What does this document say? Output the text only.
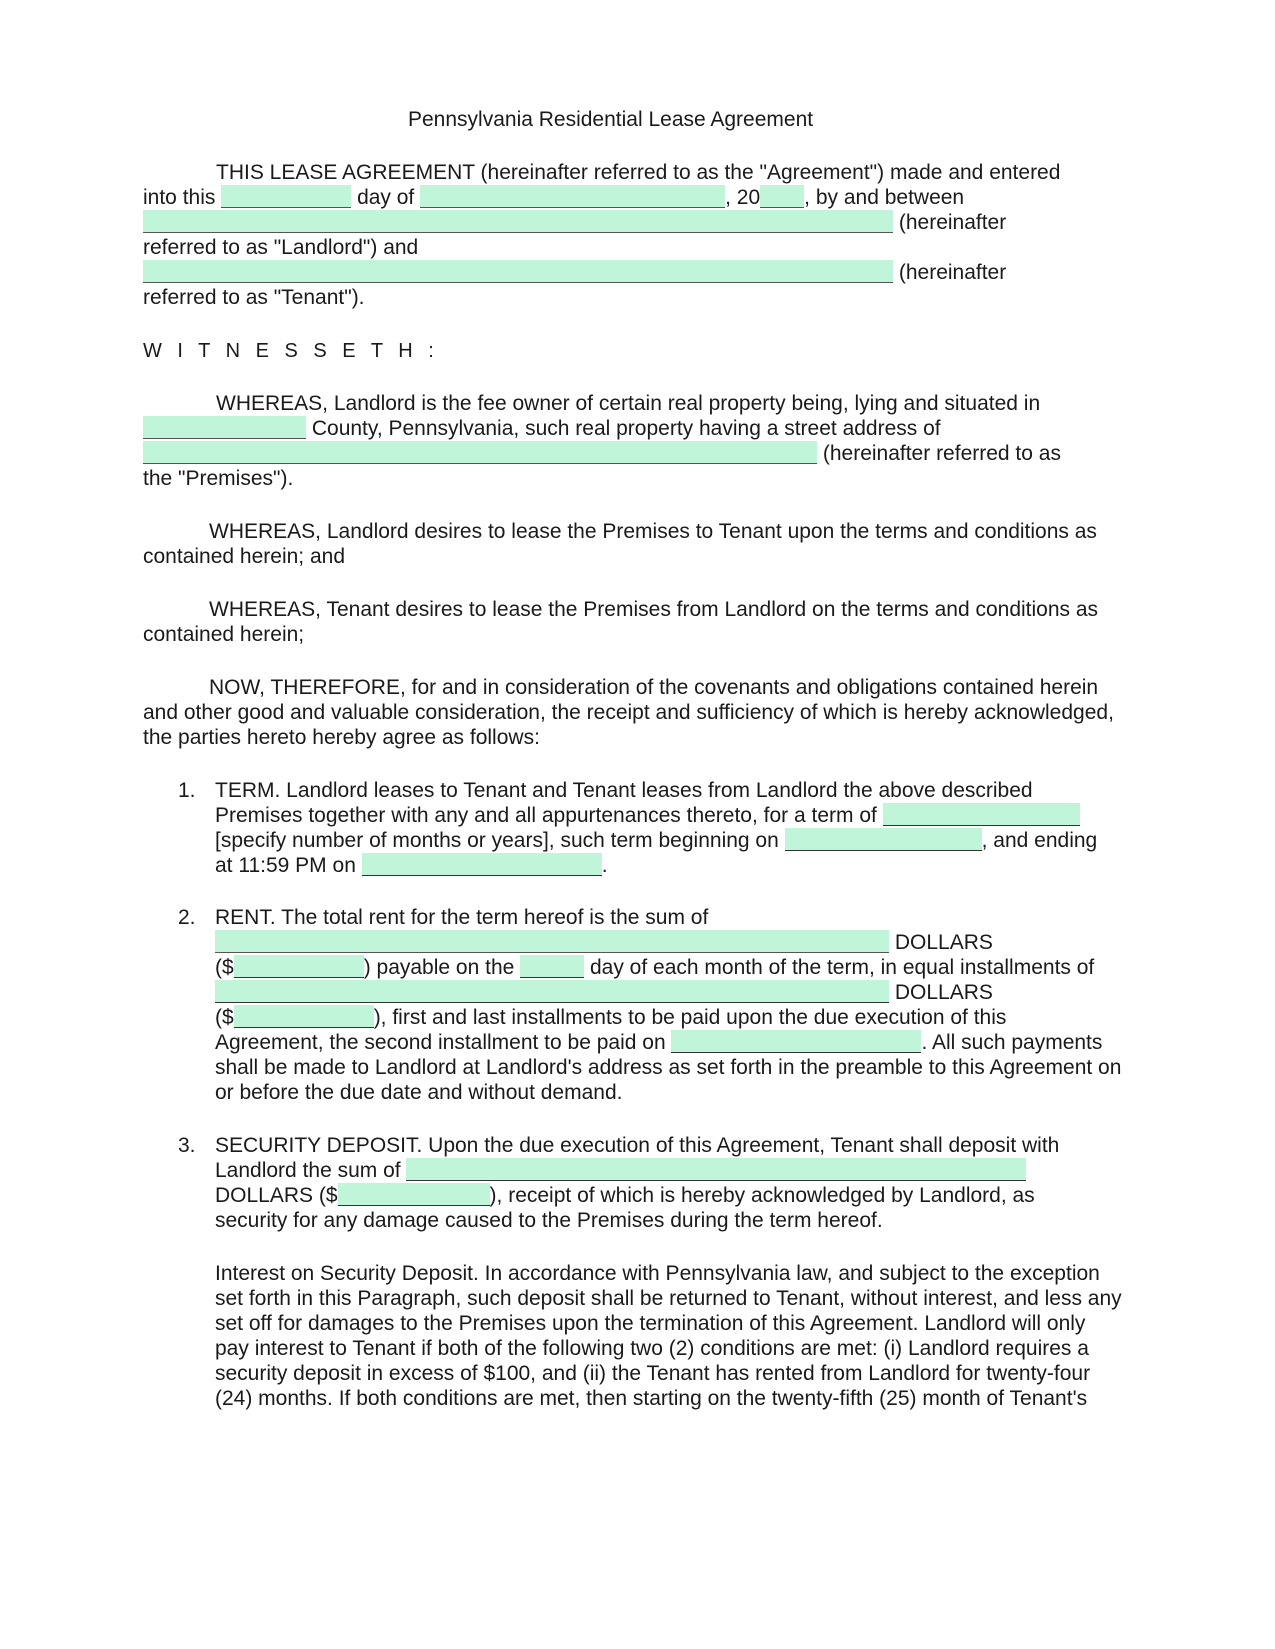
Pennsylvania Residential Lease Agreement
THIS LEASE AGREEMENT (hereinafter referred to as the "Agreement") made and entered
into this	day of	, 20 , by and between
(hereinafter
referred to as "Landlord") and
(hereinafter
referred to as "Tenant").
W I T N E S S E T H :
WHEREAS, Landlord is the fee owner of certain real property being, lying and situated in
County, Pennsylvania, such real property having a street address of
(hereinafter referred to as
the "Premises").
WHEREAS, Landlord desires to lease the Premises to Tenant upon the terms and conditions as
contained herein; and
WHEREAS, Tenant desires to lease the Premises from Landlord on the terms and conditions as
contained herein;
NOW, THEREFORE, for and in consideration of the covenants and obligations contained herein
and other good and valuable consideration, the receipt and sufficiency of which is hereby acknowledged,
the parties hereto hereby agree as follows:
1. TERM. Landlord leases to Tenant and Tenant leases from Landlord the above described
Premises together with any and all appurtenances thereto, for a term of
[specify number of months or years], such term beginning on	, and ending
at 11:59 PM on	.
2. RENT. The total rent for the term hereof is the sum of
DOLLARS
($	) payable on the	day of each month of the term, in equal installments of
DOLLARS
($	), first and last installments to be paid upon the due execution of this
Agreement, the second installment to be paid on	. All such payments
shall be made to Landlord at Landlord's address as set forth in the preamble to this Agreement on
or before the due date and without demand.
3. SECURITY DEPOSIT. Upon the due execution of this Agreement, Tenant shall deposit with
Landlord the sum of
DOLLARS ($	), receipt of which is hereby acknowledged by Landlord, as
security for any damage caused to the Premises during the term hereof.
Interest on Security Deposit. In accordance with Pennsylvania law, and subject to the exception
set forth in this Paragraph, such deposit shall be returned to Tenant, without interest, and less any
set off for damages to the Premises upon the termination of this Agreement. Landlord will only
pay interest to Tenant if both of the following two (2) conditions are met: (i) Landlord requires a
security deposit in excess of $100, and (ii) the Tenant has rented from Landlord for twenty-four
(24) months. If both conditions are met, then starting on the twenty-fifth (25) month of Tenant's
